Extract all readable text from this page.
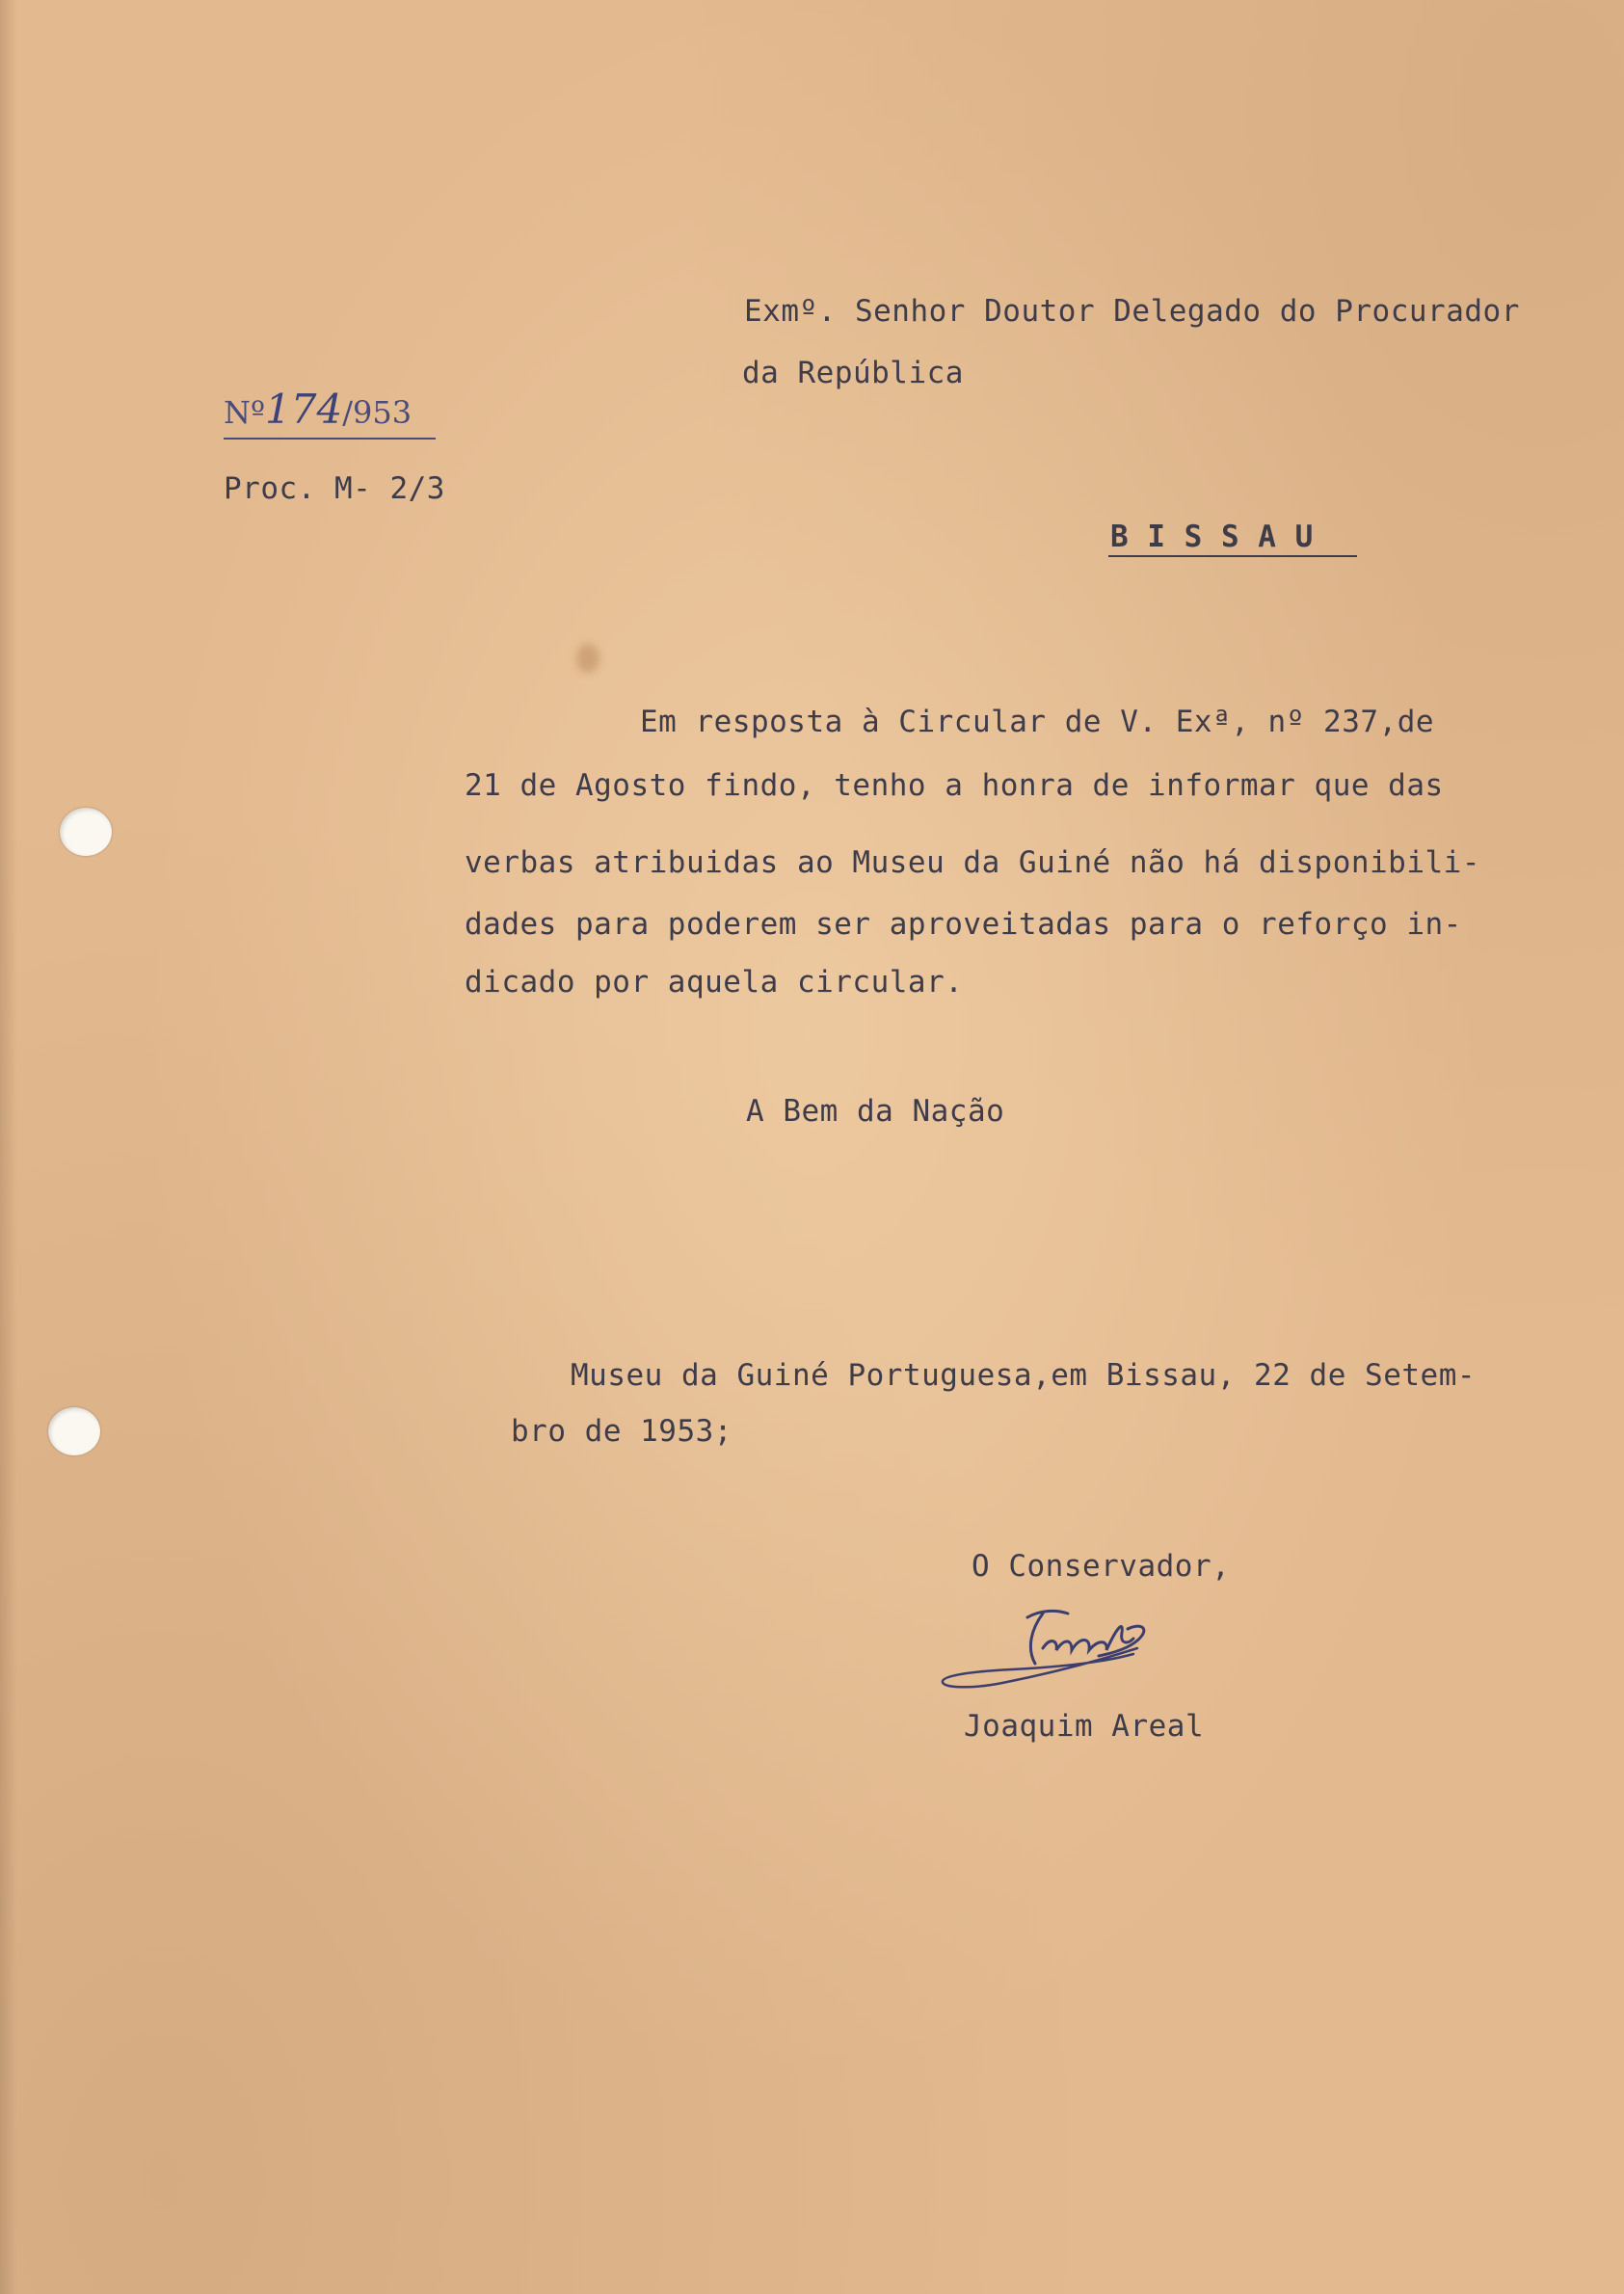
Exmº. Senhor Doutor Delegado do Procurador
da República
Nº174/953
Proc. M- 2/3
B I S S A U
Em resposta à Circular de V. Exª, nº 237,de
21 de Agosto findo, tenho a honra de informar que das
verbas atribuidas ao Museu da Guiné não há disponibili-
dades para poderem ser aproveitadas para o reforço in-
dicado por aquela circular.
A Bem da Nação
Museu da Guiné Portuguesa,em Bissau, 22 de Setem-
bro de 1953;
O Conservador,
Joaquim Areal
